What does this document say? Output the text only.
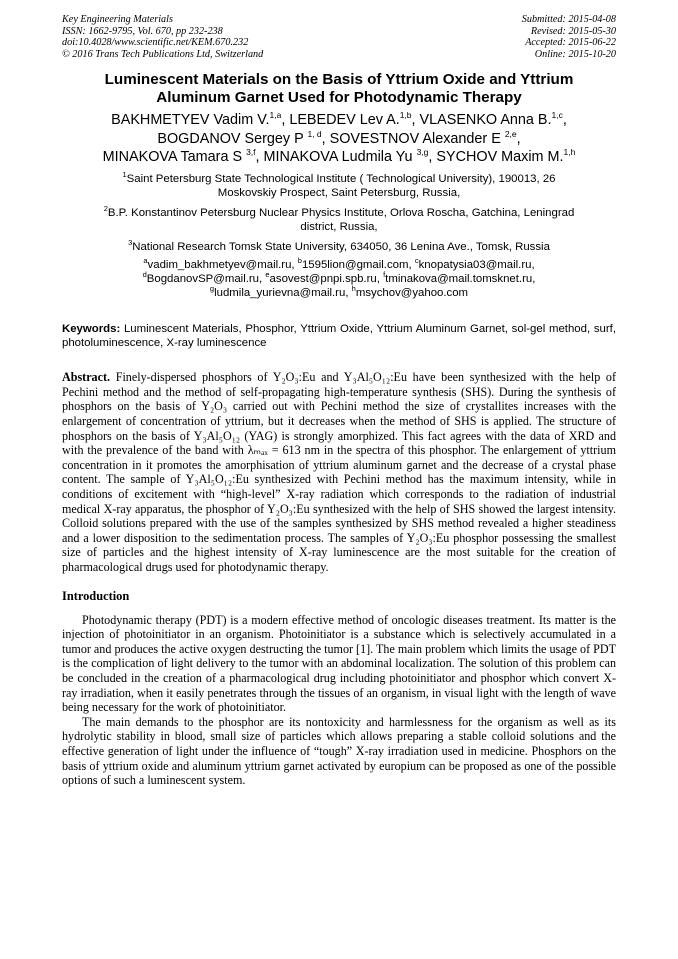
Key Engineering Materials
ISSN: 1662-9795, Vol. 670, pp 232-238
doi:10.4028/www.scientific.net/KEM.670.232
© 2016 Trans Tech Publications Ltd, Switzerland
Submitted: 2015-04-08
Revised: 2015-05-30
Accepted: 2015-06-22
Online: 2015-10-20
Luminescent Materials on the Basis of Yttrium Oxide and Yttrium
Aluminum Garnet Used for Photodynamic Therapy
BAKHMETYEV Vadim V.$^{1,a}$, LEBEDEV Lev A.$^{1,b}$, VLASENKO Anna B.$^{1,c}$,
BOGDANOV Sergey P $^{1, d}$, SOVESTNOV Alexander E $^{2,e}$,
MINAKOVA Tamara S $^{3,f}$, MINAKOVA Ludmila Yu $^{3,g}$, SYCHOV Maxim M.$^{1,h}$
$^1$Saint Petersburg State Technological Institute ( Technological University), 190013, 26
Moskovskiy Prospect, Saint Petersburg, Russia,
$^2$B.P. Konstantinov Petersburg Nuclear Physics Institute, Orlova Roscha, Gatchina, Leningrad
district, Russia,
$^3$National Research Tomsk State University, 634050, 36 Lenina Ave., Tomsk, Russia
$^a$vadim_bakhmetyev@mail.ru, $^b$1595lion@gmail.com, $^c$knopatysia03@mail.ru,
$^d$BogdanovSP@mail.ru, $^e$asovest@pnpi.spb.ru, $^f$tminakova@mail.tomsknet.ru,
$^g$ludmila_yurievna@mail.ru, $^h$msychov@yahoo.com
Keywords: Luminescent Materials, Phosphor, Yttrium Oxide, Yttrium Aluminum Garnet, sol-gel method, surf, photoluminescence, X-ray luminescence
Abstract. Finely-dispersed phosphors of Y₂O₃:Eu and Y₃Al₅O₁₂:Eu have been synthesized with the help of Pechini method and the method of self-propagating high-temperature synthesis (SHS). During the synthesis of phosphors on the basis of Y₂O₃ carried out with Pechini method the size of crystallites increases with the enlargement of concentration of yttrium, but it decreases when the method of SHS is applied. The structure of phosphors on the basis of Y₃Al₅O₁₂ (YAG) is strongly amorphized. This fact agrees with the data of XRD and with the prevalence of the band with λₘₐₓ = 613 nm in the spectra of this phosphor. The enlargement of yttrium concentration in it promotes the amorphisation of yttrium aluminum garnet and the decrease of a crystal phase content. The sample of Y₃Al₅O₁₂:Eu synthesized with Pechini method has the maximum intensity, while in conditions of excitement with “high-level” X-ray radiation which corresponds to the radiation of industrial medical X-ray apparatus, the phosphor of Y₂O₃:Eu synthesized with the help of SHS showed the largest intensity. Colloid solutions prepared with the use of the samples synthesized by SHS method revealed a higher steadiness and a lower disposition to the sedimentation process. The samples of Y₂O₃:Eu phosphor possessing the smallest size of particles and the highest intensity of X-ray luminescence are the most suitable for the creation of pharmacological drugs used for photodynamic therapy.
Introduction

Photodynamic therapy (PDT) is a modern effective method of oncologic diseases treatment. Its matter is the injection of photoinitiator in an organism. Photoinitiator is a substance which is selectively accumulated in a tumor and produces the active oxygen destructing the tumor [1]. The main problem which limits the usage of PDT is the complication of light delivery to the tumor with an abdominal localization. The solution of this problem can be concluded in the creation of a pharmacological drug including photoinitiator and phosphor which convert X-ray irradiation, when it easily penetrates through the tissues of an organism, in visual light with the length of wave being necessary for the work of photoinitiator.

The main demands to the phosphor are its nontoxicity and harmlessness for the organism as well as its hydrolytic stability in blood, small size of particles which allows preparing a stable colloid solutions and the effective generation of light under the influence of “tough” X-ray irradiation used in medicine. Phosphors on the basis of yttrium oxide and aluminum yttrium garnet activated by europium can be proposed as one of the possible options of such a luminescent system.
